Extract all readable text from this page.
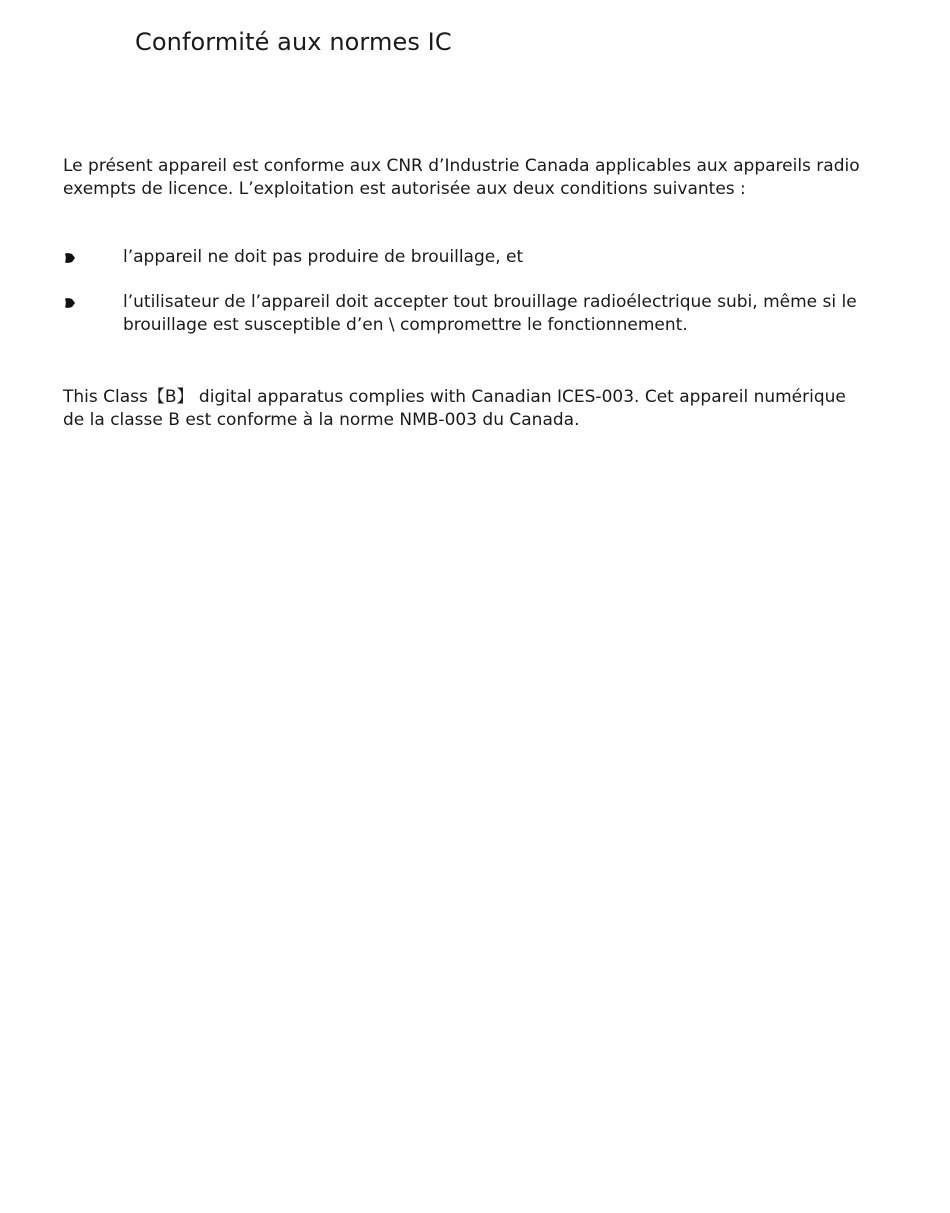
Conformité aux normes IC

Le présent appareil est conforme aux CNR d’Industrie Canada applicables aux appareils radio exempts de licence. L’exploitation est autorisée aux deux conditions suivantes :

l’appareil ne doit pas produire de brouillage, et

l’utilisateur de l’appareil doit accepter tout brouillage radioélectrique subi, même si le brouillage est susceptible d’en \ compromettre le fonctionnement.

This Class【B】 digital apparatus complies with Canadian ICES-003. Cet appareil numérique de la classe B est conforme à la norme NMB-003 du Canada.
